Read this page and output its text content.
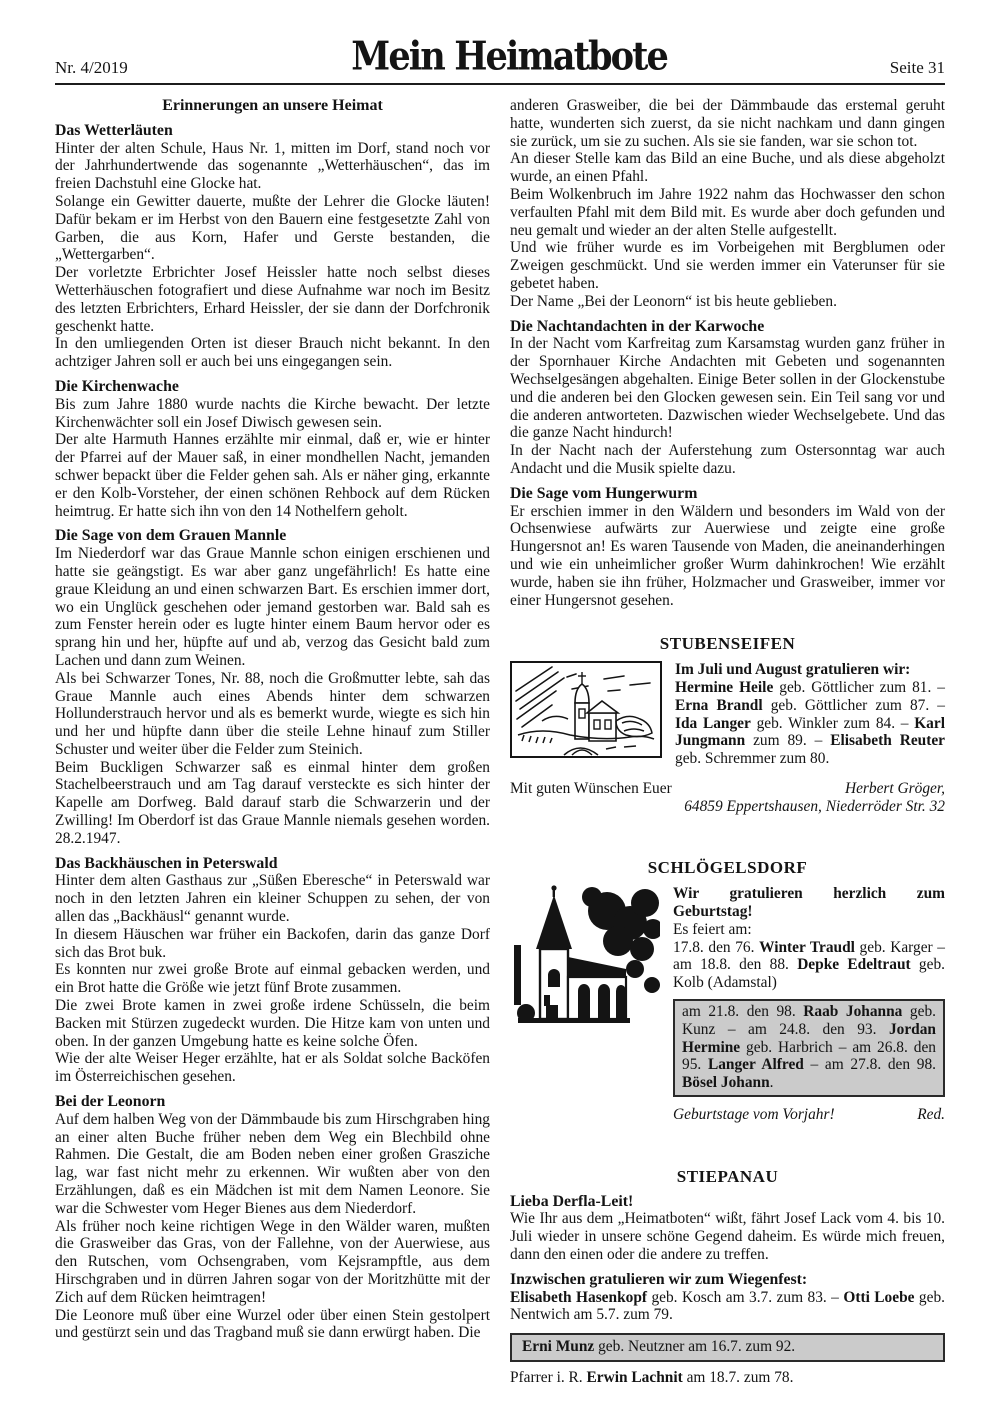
Nr. 4/2019	Mein Heimatbote	Seite 31
Erinnerungen an unsere Heimat
Das Wetterläuten

Hinter der alten Schule, Haus Nr. 1, mitten im Dorf, stand noch vor der Jahrhundertwende das sogenannte „Wetterhäuschen“, das im freien Dachstuhl eine Glocke hat.

Solange ein Gewitter dauerte, mußte der Lehrer die Glocke läuten! Dafür bekam er im Herbst von den Bauern eine festgesetzte Zahl von Garben, die aus Korn, Hafer und Gerste bestanden, die „Wettergarben“.

Der vorletzte Erbrichter Josef Heissler hatte noch selbst dieses Wetterhäuschen fotografiert und diese Aufnahme war noch im Besitz des letzten Erbrichters, Erhard Heissler, der sie dann der Dorfchronik geschenkt hatte.

In den umliegenden Orten ist dieser Brauch nicht bekannt. In den achtziger Jahren soll er auch bei uns eingegangen sein.

Die Kirchenwache

Bis zum Jahre 1880 wurde nachts die Kirche bewacht. Der letzte Kirchenwächter soll ein Josef Diwisch gewesen sein.

Der alte Harmuth Hannes erzählte mir einmal, daß er, wie er hinter der Pfarrei auf der Mauer saß, in einer mondhellen Nacht, jemanden schwer bepackt über die Felder gehen sah. Als er näher ging, erkannte er den Kolb-Vorsteher, der einen schönen Rehbock auf dem Rücken heimtrug. Er hatte sich ihn von den 14 Nothelfern geholt.

Die Sage von dem Grauen Mannle

Im Niederdorf war das Graue Mannle schon einigen erschienen und hatte sie geängstigt. Es war aber ganz ungefährlich! Es hatte eine graue Kleidung an und einen schwarzen Bart. Es erschien immer dort, wo ein Unglück geschehen oder jemand gestorben war. Bald sah es zum Fenster herein oder es lugte hinter einem Baum hervor oder es sprang hin und her, hüpfte auf und ab, verzog das Gesicht bald zum Lachen und dann zum Weinen.

Als bei Schwarzer Tones, Nr. 88, noch die Großmutter lebte, sah das Graue Mannle auch eines Abends hinter dem schwarzen Hollunderstrauch hervor und als es bemerkt wurde, wiegte es sich hin und her und hüpfte dann über die steile Lehne hinauf zum Stiller Schuster und weiter über die Felder zum Steinich.

Beim Buckligen Schwarzer saß es einmal hinter dem großen Stachelbeerstrauch und am Tag darauf versteckte es sich hinter der Kapelle am Dorfweg. Bald darauf starb die Schwarzerin und der Zwilling! Im Oberdorf ist das Graue Mannle niemals gesehen worden. 28.2.1947.

Das Backhäuschen in Peterswald

Hinter dem alten Gasthaus zur „Süßen Eberesche“ in Peterswald war noch in den letzten Jahren ein kleiner Schuppen zu sehen, der von allen das „Backhäusl“ genannt wurde.

In diesem Häuschen war früher ein Backofen, darin das ganze Dorf sich das Brot buk.

Es konnten nur zwei große Brote auf einmal gebacken werden, und ein Brot hatte die Größe wie jetzt fünf Brote zusammen.

Die zwei Brote kamen in zwei große irdene Schüsseln, die beim Backen mit Stürzen zugedeckt wurden. Die Hitze kam von unten und oben. In der ganzen Umgebung hatte es keine solche Öfen.

Wie der alte Weiser Heger erzählte, hat er als Soldat solche Backöfen im Österreichischen gesehen.

Bei der Leonorn

Auf dem halben Weg von der Dämmbaude bis zum Hirschgraben hing an einer alten Buche früher neben dem Weg ein Blechbild ohne Rahmen. Die Gestalt, die am Boden neben einer großen Grasziche lag, war fast nicht mehr zu erkennen. Wir wußten aber von den Erzählungen, daß es ein Mädchen ist mit dem Namen Leonore. Sie war die Schwester vom Heger Bienes aus dem Niederdorf.

Als früher noch keine richtigen Wege in den Wälder waren, mußten die Grasweiber das Gras, von der Fallehne, von der Auerwiese, aus den Rutschen, vom Ochsengraben, vom Kejsrampftle, aus dem Hirschgraben und in dürren Jahren sogar von der Moritzhütte mit der Zich auf dem Rücken heimtragen!

Die Leonore muß über eine Wurzel oder über einen Stein gestolpert und gestürzt sein und das Tragband muß sie dann erwürgt haben. Die

anderen Grasweiber, die bei der Dämmbaude das erstemal geruht hatte, wunderten sich zuerst, da sie nicht nachkam und dann gingen sie zurück, um sie zu suchen. Als sie sie fanden, war sie schon tot.

An dieser Stelle kam das Bild an eine Buche, und als diese abgeholzt wurde, an einen Pfahl.

Beim Wolkenbruch im Jahre 1922 nahm das Hochwasser den schon verfaulten Pfahl mit dem Bild mit. Es wurde aber doch gefunden und neu gemalt und wieder an der alten Stelle aufgestellt.

Und wie früher wurde es im Vorbeigehen mit Bergblumen oder Zweigen geschmückt. Und sie werden immer ein Vaterunser für sie gebetet haben.

Der Name „Bei der Leonorn“ ist bis heute geblieben.

Die Nachtandachten in der Karwoche

In der Nacht vom Karfreitag zum Karsamstag wurden ganz früher in der Spornhauer Kirche Andachten mit Gebeten und sogenannten Wechselgesängen abgehalten. Einige Beter sollen in der Glockenstube und die anderen bei den Glocken gewesen sein. Ein Teil sang vor und die anderen antworteten. Dazwischen wieder Wechselgebete. Und das die ganze Nacht hindurch!

In der Nacht nach der Auferstehung zum Ostersonntag war auch Andacht und die Musik spielte dazu.

Die Sage vom Hungerwurm

Er erschien immer in den Wäldern und besonders im Wald von der Ochsenwiese aufwärts zur Auerwiese und zeigte eine große Hungersnot an! Es waren Tausende von Maden, die aneinanderhingen und wie ein unheimlicher großer Wurm dahinkrochen! Wie erzählt wurde, haben sie ihn früher, Holzmacher und Grasweiber, immer vor einer Hungersnot gesehen.

STUBENSEIFEN

Im Juli und August gratulieren wir:

Hermine Heile geb. Göttlicher zum 81. – Erna Brandl geb. Göttlicher zum 87. – Ida Langer geb. Winkler zum 84. – Karl Jungmann zum 89. – Elisabeth Reuter geb. Schremmer zum 80.

Mit guten Wünschen Euer	Herbert Gröger,
64859 Eppertshausen, Niederröder Str. 32
SCHLÖGELSDORF

Wir gratulieren herzlich zum Geburtstag!

Es feiert am:

17.8. den 76. Winter Traudl geb. Karger – am 18.8. den 88. Depke Edeltraut geb. Kolb (Adamstal)

am 21.8. den 98. Raab Johanna geb. Kunz – am 24.8. den 93. Jordan Hermine geb. Harbrich – am 26.8. den 95. Langer Alfred – am 27.8. den 98. Bösel Johann.
Geburtstage vom Vorjahr!	Red.
STIEPANAU
Lieba Derfla-Leit!

Wie Ihr aus dem „Heimatboten“ wißt, fährt Josef Lack vom 4. bis 10. Juli wieder in unsere schöne Gegend daheim. Es würde mich freuen, dann den einen oder die andere zu treffen.

Inzwischen gratulieren wir zum Wiegenfest:

Elisabeth Hasenkopf geb. Kosch am 3.7. zum 83. – Otti Loebe geb. Nentwich am 5.7. zum 79.

Erni Munz geb. Neutzner am 16.7. zum 92.

Pfarrer i. R. Erwin Lachnit am 18.7. zum 78.
